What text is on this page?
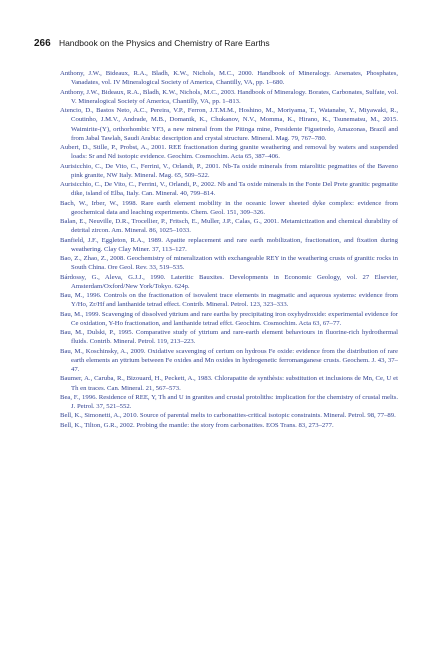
266 Handbook on the Physics and Chemistry of Rare Earths

Anthony, J.W., Bideaux, R.A., Bladh, K.W., Nichols, M.C., 2000. Handbook of Mineralogy. Arsenates, Phosphates, Vanadates, vol. IV Mineralogical Society of America, Chantilly, VA, pp. 1–680.

Anthony, J.W., Bideaux, R.A., Bladh, K.W., Nichols, M.C., 2003. Handbook of Mineralogy. Borates, Carbonates, Sulfate, vol. V. Mineralogical Society of America, Chantilly, VA, pp. 1–813.

Atencio, D., Bastos Neto, A.C., Pereira, V.P., Ferron, J.T.M.M., Hoshino, M., Moriyama, T., Watanabe, Y., Miyawaki, R., Coutinho, J.M.V., Andrade, M.B., Domanik, K., Chukanov, N.V., Momma, K., Hirano, K., Tsunematsu, M., 2015. Waimirite-(Y), orthorhombic YF3, a new mineral from the Pitinga mine, Presidente Figueiredo, Amazonas, Brazil and from Jabal Tawlah, Saudi Arabia: description and crystal structure. Mineral. Mag. 79, 767–780.

Aubert, D., Stille, P., Probst, A., 2001. REE fractionation during granite weathering and removal by waters and suspended loads: Sr and Nd isotopic evidence. Geochim. Cosmochim. Acta 65, 387–406.

Aurisicchio, C., De Vito, C., Ferrini, V., Orlandi, P., 2001. Nb-Ta oxide minerals from miarolitic pegmatites of the Baveno pink granite, NW Italy. Mineral. Mag. 65, 509–522.

Aurisicchio, C., De Vito, C., Ferrini, V., Orlandi, P., 2002. Nb and Ta oxide minerals in the Fonte Del Prete granitic pegmatite dike, island of Elba, Italy. Can. Mineral. 40, 799–814.

Bach, W., Irber, W., 1998. Rare earth element mobility in the oceanic lower sheeted dyke complex: evidence from geochemical data and leaching experiments. Chem. Geol. 151, 309–326.

Balan, E., Neuville, D.R., Trocellier, P., Fritsch, E., Muller, J.P., Calas, G., 2001. Metamictization and chemical durability of detrital zircon. Am. Mineral. 86, 1025–1033.

Banfield, J.F., Eggleton, R.A., 1989. Apatite replacement and rare earth mobilization, fractionation, and fixation during weathering. Clay Clay Miner. 37, 113–127.

Bao, Z., Zhao, Z., 2008. Geochemistry of mineralization with exchangeable REY in the weathering crusts of granitic rocks in South China. Ore Geol. Rev. 33, 519–535.

Bárdossy, G., Aleva, G.J.J., 1990. Lateritic Bauxites. Developments in Economic Geology, vol. 27 Elsevier, Amsterdam/Oxford/New York/Tokyo. 624p.

Bau, M., 1996. Controls on the fractionation of isovalent trace elements in magmatic and aqueous systems: evidence from Y/Ho, Zr/Hf and lanthanide tetrad effect. Contrib. Mineral. Petrol. 123, 323–333.

Bau, M., 1999. Scavenging of dissolved yttrium and rare earths by precipitating iron oxyhydroxide: experimental evidence for Ce oxidation, Y-Ho fractionation, and lanthanide tetrad effct. Geochim. Cosmochim. Acta 63, 67–77.

Bau, M., Dulski, P., 1995. Comparative study of yttrium and rare-earth element behaviours in fluorine-rich hydrothermal fluids. Contrib. Mineral. Petrol. 119, 213–223.

Bau, M., Koschinsky, A., 2009. Oxidative scavenging of cerium on hydrous Fe oxide: evidence from the distribution of rare earth elements an yttrium between Fe oxides and Mn oxides in hydrogenetic ferromanganese crusts. Geochem. J. 43, 37–47.

Baumer, A., Caruba, R., Bizouard, H., Peckett, A., 1983. Chlorapatite de synthèsis: substitution et inclusions de Mn, Ce, U et Th en traces. Can. Mineral. 21, 567–573.

Bea, F., 1996. Residence of REE, Y, Th and U in granites and crustal protoliths: implication for the chemistry of crustal melts. J. Petrol. 37, 521–552.

Bell, K., Simonetti, A., 2010. Source of parental melts to carbonatites-critical isotopic constraints. Mineral. Petrol. 98, 77–89.

Bell, K., Tilton, G.R., 2002. Probing the mantle: the story from carbonatites. EOS Trans. 83, 273–277.
